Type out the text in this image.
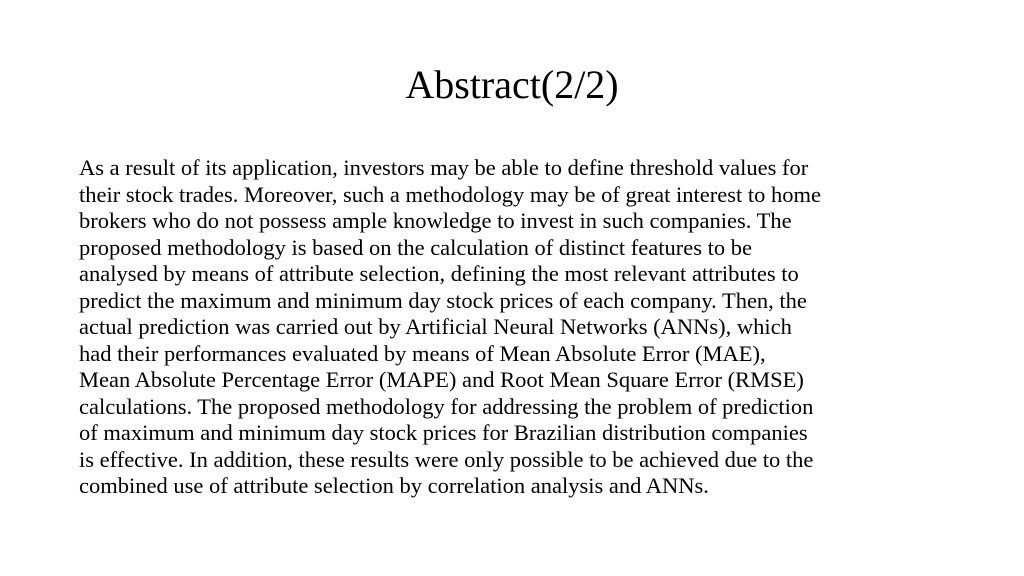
Abstract(2/2)
As a result of its application, investors may be able to define threshold values for
their stock trades. Moreover, such a methodology may be of great interest to home
brokers who do not possess ample knowledge to invest in such companies. The
proposed methodology is based on the calculation of distinct features to be
analysed by means of attribute selection, defining the most relevant attributes to
predict the maximum and minimum day stock prices of each company. Then, the
actual prediction was carried out by Artificial Neural Networks (ANNs), which
had their performances evaluated by means of Mean Absolute Error (MAE),
Mean Absolute Percentage Error (MAPE) and Root Mean Square Error (RMSE)
calculations. The proposed methodology for addressing the problem of prediction
of maximum and minimum day stock prices for Brazilian distribution companies
is effective. In addition, these results were only possible to be achieved due to the
combined use of attribute selection by correlation analysis and ANNs.
